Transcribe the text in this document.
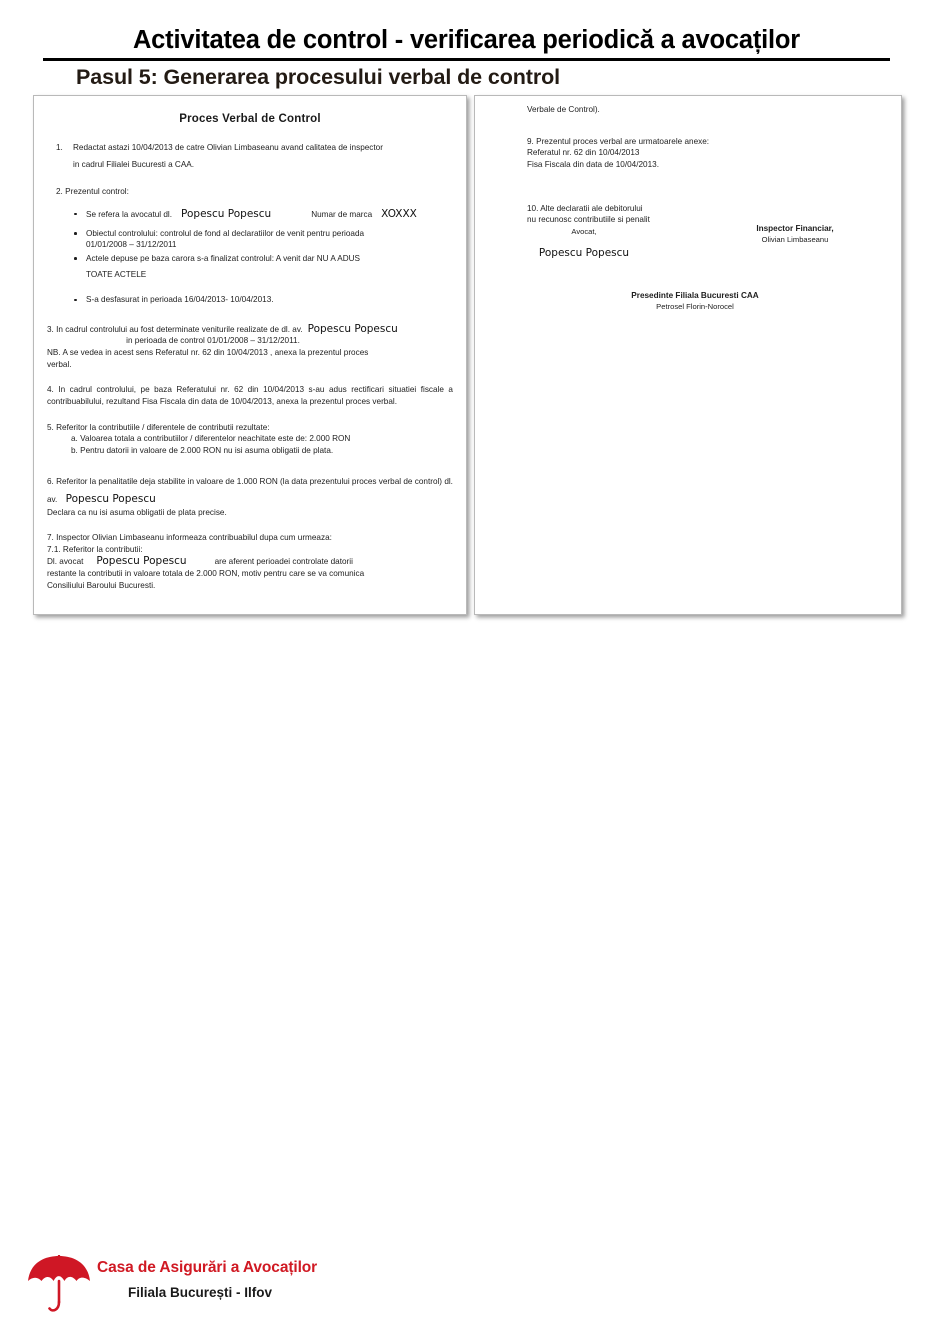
Activitatea de control - verificarea periodică a avocaților
Pasul 5: Generarea procesului verbal de control
Proces Verbal de Control
1. Redactat astazi 10/04/2013 de catre Olivian Limbaseanu avand calitatea de inspector
in cadrul Filialei Bucuresti a CAA.
2. Prezentul control:
Se refera la avocatul dl. Popescu Popescu	Numar de marca XOXXX
Obiectul controlului: controlul de fond al declaratiilor de venit pentru perioada
01/01/2008 – 31/12/2011
Actele depuse pe baza carora s-a finalizat controlul: A venit dar NU A ADUS
TOATE ACTELE
S-a desfasurat in perioada 16/04/2013- 10/04/2013.
3. In cadrul controlului au fost determinate veniturile realizate de dl. av. Popescu Popescu
in perioada de control 01/01/2008 – 31/12/2011.
NB. A se vedea in acest sens Referatul nr. 62 din 10/04/2013 , anexa la prezentul proces
verbal.
4. In cadrul controlului, pe baza Referatului nr. 62 din 10/04/2013 s-au adus rectificari situatiei fiscale a contribuabilului, rezultand Fisa Fiscala din data de 10/04/2013, anexa la prezentul proces verbal.
5. Referitor la contributiile / diferentele de contributii rezultate:
a. Valoarea totala a contributiilor / diferentelor neachitate este de: 2.000 RON
b. Pentru datorii in valoare de 2.000 RON nu isi asuma obligatii de plata.
6. Referitor la penalitatile deja stabilite in valoare de 1.000 RON (la data prezentului proces verbal de control) dl. av. Popescu Popescu
Declara ca nu isi asuma obligatii de plata precise.
7. Inspector Olivian Limbaseanu informeaza contribuabilul dupa cum urmeaza:
7.1. Referitor la contributii:
Dl. avocat Popescu Popescu	are aferent perioadei controlate datorii
restante la contributii in valoare totala de 2.000 RON, motiv pentru care se va comunica
Consiliului Baroului Bucuresti.
Verbale de Control).
9. Prezentul proces verbal are urmatoarele anexe:
Referatul nr. 62 din 10/04/2013
Fisa Fiscala din data de 10/04/2013.
10. Alte declaratii ale debitorului
nu recunosc contributiile si penalit
Avocat,
Popescu Popescu
Inspector Financiar,
Olivian Limbaseanu
Presedinte Filiala Bucuresti CAA
Petrosel Florin-Norocel
Casa de Asigurări a Avocaților
Filiala București - Ilfov
